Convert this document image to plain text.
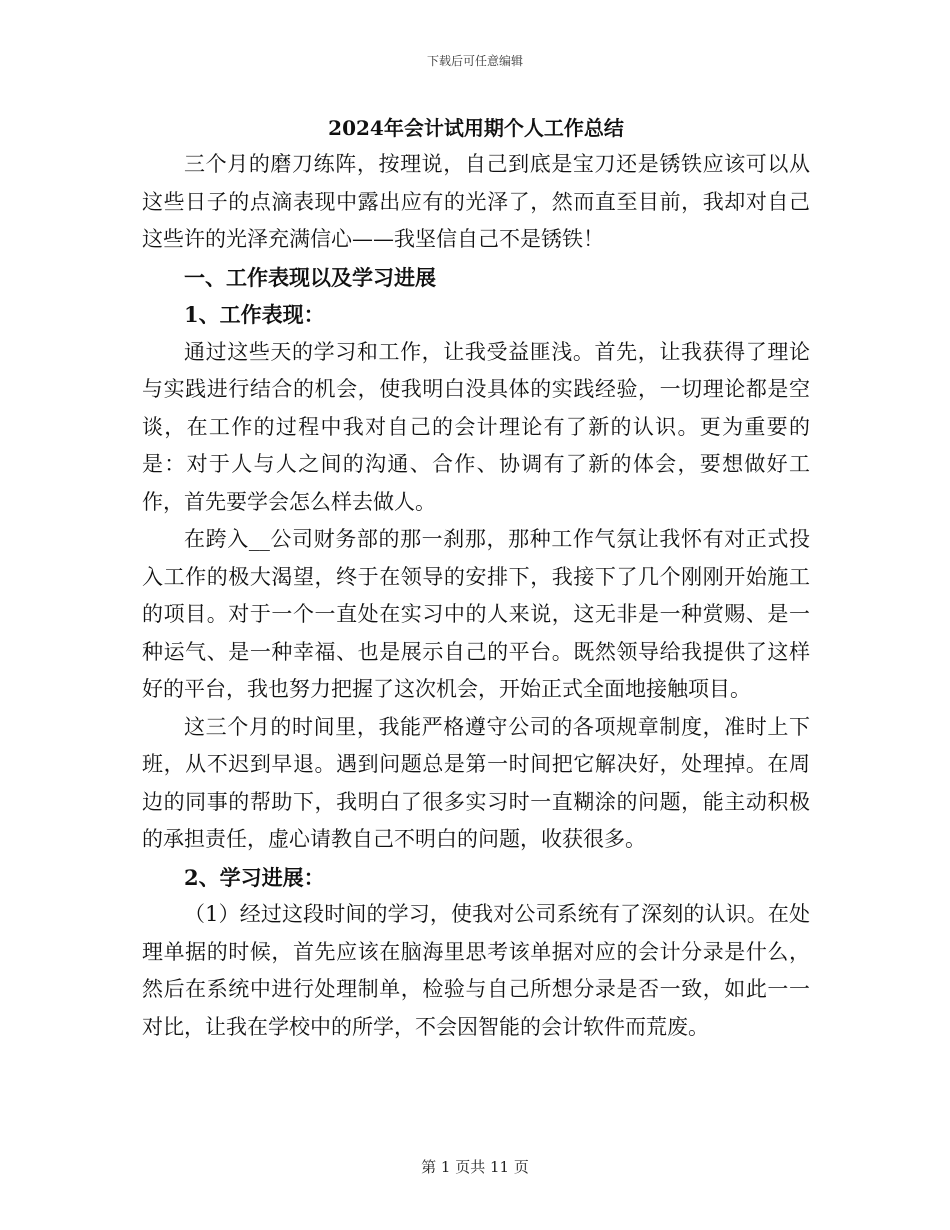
下载后可任意编辑
2024年会计试用期个人工作总结

三个月的磨刀练阵，按理说，自己到底是宝刀还是锈铁应该可以从这些日子的点滴表现中露出应有的光泽了，然而直至目前，我却对自己这些许的光泽充满信心——我坚信自己不是锈铁！

一、工作表现以及学习进展

1、工作表现：

通过这些天的学习和工作，让我受益匪浅。首先，让我获得了理论与实践进行结合的机会，使我明白没具体的实践经验，一切理论都是空谈，在工作的过程中我对自己的会计理论有了新的认识。更为重要的是：对于人与人之间的沟通、合作、协调有了新的体会，要想做好工作，首先要学会怎么样去做人。

在跨入__公司财务部的那一刹那，那种工作气氛让我怀有对正式投入工作的极大渴望，终于在领导的安排下，我接下了几个刚刚开始施工的项目。对于一个一直处在实习中的人来说，这无非是一种赏赐、是一种运气、是一种幸福、也是展示自己的平台。既然领导给我提供了这样好的平台，我也努力把握了这次机会，开始正式全面地接触项目。

这三个月的时间里，我能严格遵守公司的各项规章制度，准时上下班，从不迟到早退。遇到问题总是第一时间把它解决好，处理掉。在周边的同事的帮助下，我明白了很多实习时一直糊涂的问题，能主动积极的承担责任，虚心请教自己不明白的问题，收获很多。

2、学习进展：

（1）经过这段时间的学习，使我对公司系统有了深刻的认识。在处理单据的时候，首先应该在脑海里思考该单据对应的会计分录是什么，然后在系统中进行处理制单，检验与自己所想分录是否一致，如此一一对比，让我在学校中的所学，不会因智能的会计软件而荒废。

第 1 页共 11 页
